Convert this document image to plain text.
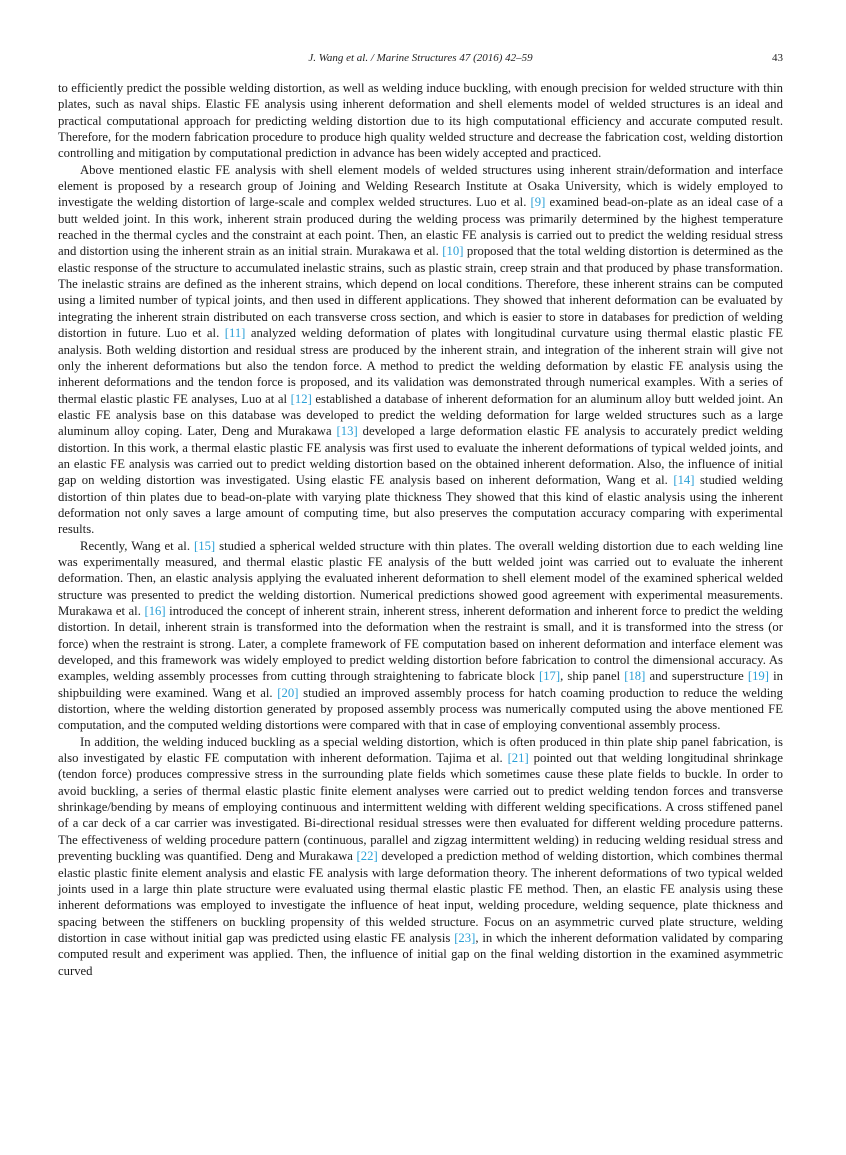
J. Wang et al. / Marine Structures 47 (2016) 42–59	43

to efficiently predict the possible welding distortion, as well as welding induce buckling, with enough precision for welded structure with thin plates, such as naval ships. Elastic FE analysis using inherent deformation and shell elements model of welded structures is an ideal and practical computational approach for predicting welding distortion due to its high computational efficiency and accurate computed result. Therefore, for the modern fabrication procedure to produce high quality welded structure and decrease the fabrication cost, welding distortion controlling and mitigation by computational prediction in advance has been widely accepted and practiced.

Above mentioned elastic FE analysis with shell element models of welded structures using inherent strain/deformation and interface element is proposed by a research group of Joining and Welding Research Institute at Osaka University, which is widely employed to investigate the welding distortion of large-scale and complex welded structures. Luo et al. [9] examined bead-on-plate as an ideal case of a butt welded joint. In this work, inherent strain produced during the welding process was primarily determined by the highest temperature reached in the thermal cycles and the constraint at each point. Then, an elastic FE analysis is carried out to predict the welding residual stress and distortion using the inherent strain as an initial strain. Murakawa et al. [10] proposed that the total welding distortion is determined as the elastic response of the structure to accumulated inelastic strains, such as plastic strain, creep strain and that produced by phase transformation. The inelastic strains are defined as the inherent strains, which depend on local conditions. Therefore, these inherent strains can be computed using a limited number of typical joints, and then used in different applications. They showed that inherent deformation can be evaluated by integrating the inherent strain distributed on each transverse cross section, and which is easier to store in databases for prediction of welding distortion in future. Luo et al. [11] analyzed welding deformation of plates with longitudinal curvature using thermal elastic plastic FE analysis. Both welding distortion and residual stress are produced by the inherent strain, and integration of the inherent strain will give not only the inherent deformations but also the tendon force. A method to predict the welding deformation by elastic FE analysis using the inherent deformations and the tendon force is proposed, and its validation was demonstrated through numerical examples. With a series of thermal elastic plastic FE analyses, Luo at al [12] established a database of inherent deformation for an aluminum alloy butt welded joint. An elastic FE analysis base on this database was developed to predict the welding deformation for large welded structures such as a large aluminum alloy coping. Later, Deng and Murakawa [13] developed a large deformation elastic FE analysis to accurately predict welding distortion. In this work, a thermal elastic plastic FE analysis was first used to evaluate the inherent deformations of typical welded joints, and an elastic FE analysis was carried out to predict welding distortion based on the obtained inherent deformation. Also, the influence of initial gap on welding distortion was investigated. Using elastic FE analysis based on inherent deformation, Wang et al. [14] studied welding distortion of thin plates due to bead-on-plate with varying plate thickness They showed that this kind of elastic analysis using the inherent deformation not only saves a large amount of computing time, but also preserves the computation accuracy comparing with experimental results.

Recently, Wang et al. [15] studied a spherical welded structure with thin plates. The overall welding distortion due to each welding line was experimentally measured, and thermal elastic plastic FE analysis of the butt welded joint was carried out to evaluate the inherent deformation. Then, an elastic analysis applying the evaluated inherent deformation to shell element model of the examined spherical welded structure was presented to predict the welding distortion. Numerical predictions showed good agreement with experimental measurements. Murakawa et al. [16] introduced the concept of inherent strain, inherent stress, inherent deformation and inherent force to predict the welding distortion. In detail, inherent strain is transformed into the deformation when the restraint is small, and it is transformed into the stress (or force) when the restraint is strong. Later, a complete framework of FE computation based on inherent deformation and interface element was developed, and this framework was widely employed to predict welding distortion before fabrication to control the dimensional accuracy. As examples, welding assembly processes from cutting through straightening to fabricate block [17], ship panel [18] and superstructure [19] in shipbuilding were examined. Wang et al. [20] studied an improved assembly process for hatch coaming production to reduce the welding distortion, where the welding distortion generated by proposed assembly process was numerically computed using the above mentioned FE computation, and the computed welding distortions were compared with that in case of employing conventional assembly process.

In addition, the welding induced buckling as a special welding distortion, which is often produced in thin plate ship panel fabrication, is also investigated by elastic FE computation with inherent deformation. Tajima et al. [21] pointed out that welding longitudinal shrinkage (tendon force) produces compressive stress in the surrounding plate fields which sometimes cause these plate fields to buckle. In order to avoid buckling, a series of thermal elastic plastic finite element analyses were carried out to predict welding tendon forces and transverse shrinkage/bending by means of employing continuous and intermittent welding with different welding specifications. A cross stiffened panel of a car deck of a car carrier was investigated. Bi-directional residual stresses were then evaluated for different welding procedure patterns. The effectiveness of welding procedure pattern (continuous, parallel and zigzag intermittent welding) in reducing welding residual stress and preventing buckling was quantified. Deng and Murakawa [22] developed a prediction method of welding distortion, which combines thermal elastic plastic finite element analysis and elastic FE analysis with large deformation theory. The inherent deformations of two typical welded joints used in a large thin plate structure were evaluated using thermal elastic plastic FE method. Then, an elastic FE analysis using these inherent deformations was employed to investigate the influence of heat input, welding procedure, welding sequence, plate thickness and spacing between the stiffeners on buckling propensity of this welded structure. Focus on an asymmetric curved plate structure, welding distortion in case without initial gap was predicted using elastic FE analysis [23], in which the inherent deformation validated by comparing computed result and experiment was applied. Then, the influence of initial gap on the final welding distortion in the examined asymmetric curved
